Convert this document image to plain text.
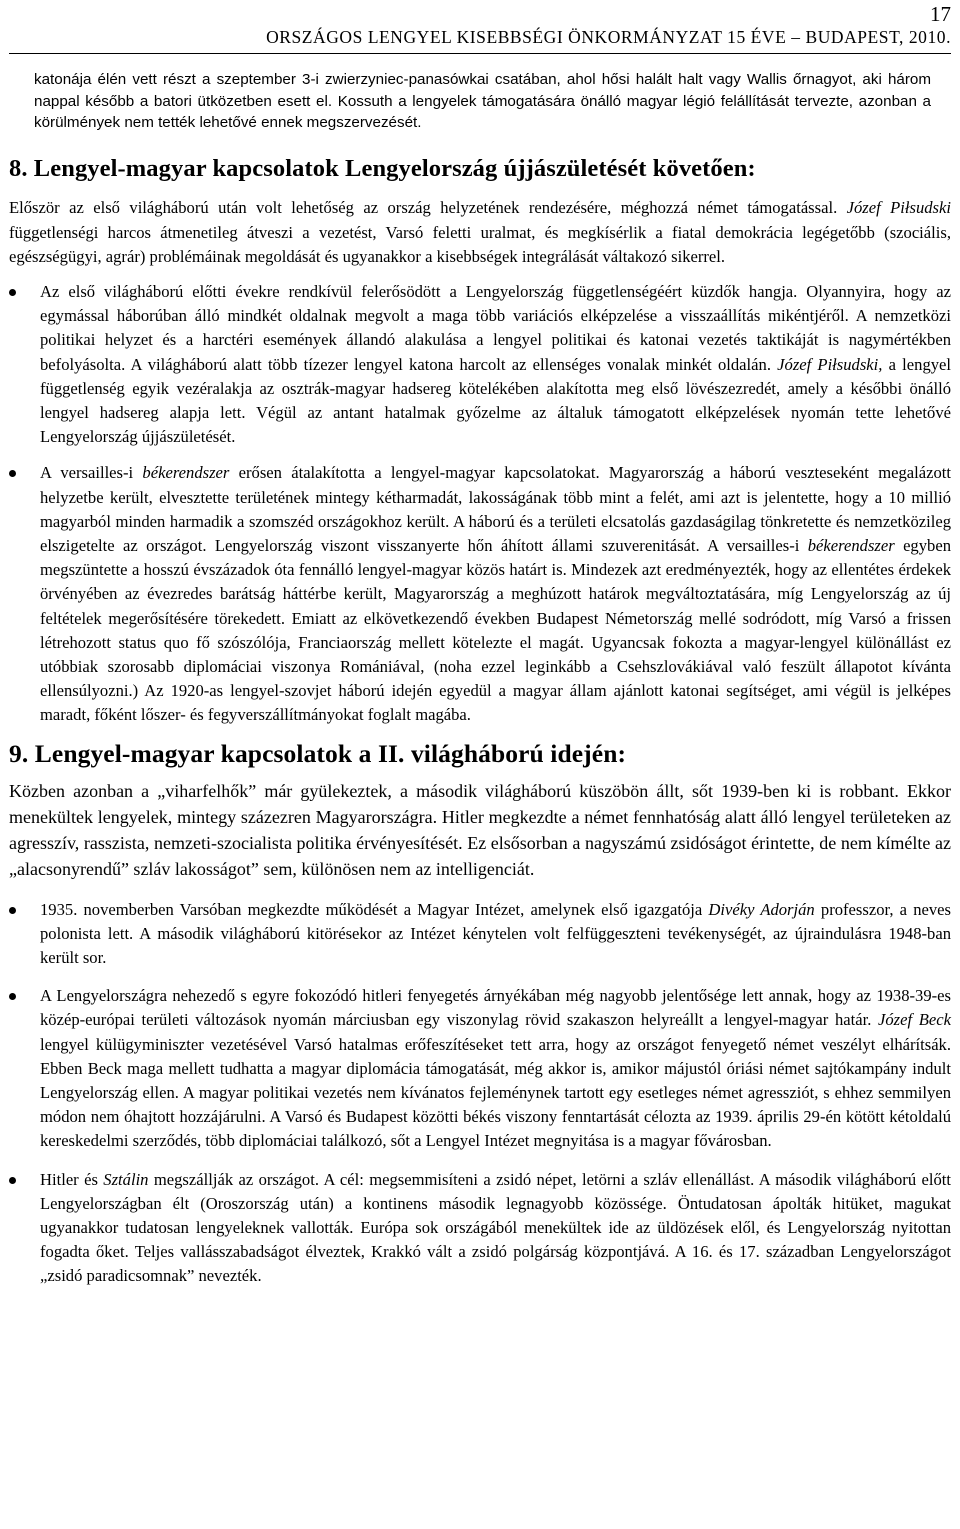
17
ORSZÁGOS LENGYEL KISEBBSÉGI ÖNKORMÁNYZAT 15 ÉVE – BUDAPEST, 2010.

katonája élén vett részt a szeptember 3-i zwierzyniec-panasówkai csatában, ahol hősi halált halt vagy Wallis őrnagyot, aki három nappal később a batori ütközetben esett el. Kossuth a lengyelek támogatására önálló magyar légió felállítását tervezte, azonban a körülmények nem tették lehetővé ennek megszervezését.

8. Lengyel-magyar kapcsolatok Lengyelország újjászületését követően:

Először az első világháború után volt lehetőség az ország helyzetének rendezésére, méghozzá német támogatással. Józef Piłsudski függetlenségi harcos átmenetileg átveszi a vezetést, Varsó feletti uralmat, és megkísérlik a fiatal demokrácia legégetőbb (szociális, egészségügyi, agrár) problémáinak megoldását és ugyanakkor a kisebbségek integrálását váltakozó sikerrel.

Az első világháború előtti évekre rendkívül felerősödött a Lengyelország függetlenségéért küzdők hangja. Olyannyira, hogy az egymással háborúban álló mindkét oldalnak megvolt a maga több variációs elképzelése a visszaállítás mikéntjéről. A nemzetközi politikai helyzet és a harctéri események állandó alakulása a lengyel politikai és katonai vezetés taktikáját is nagymértékben befolyásolta. A világháború alatt több tízezer lengyel katona harcolt az ellenséges vonalak minkét oldalán. Józef Piłsudski, a lengyel függetlenség egyik vezéralakja az osztrák-magyar hadsereg kötelékében alakította meg első lövészezredét, amely a későbbi önálló lengyel hadsereg alapja lett. Végül az antant hatalmak győzelme az általuk támogatott elképzelések nyomán tette lehetővé Lengyelország újjászületését.
A versailles-i békerendszer erősen átalakította a lengyel-magyar kapcsolatokat. Magyarország a háború veszteseként megalázott helyzetbe került, elvesztette területének mintegy kétharmadát, lakosságának több mint a felét, ami azt is jelentette, hogy a 10 millió magyarból minden harmadik a szomszéd országokhoz került. A háború és a területi elcsatolás gazdaságilag tönkretette és nemzetközileg elszigetelte az országot. Lengyelország viszont visszanyerte hőn áhított állami szuverenitását. A versailles-i békerendszer egyben megszüntette a hosszú évszázadok óta fennálló lengyel-magyar közös határt is. Mindezek azt eredményezték, hogy az ellentétes érdekek örvényében az évezredes barátság háttérbe került, Magyarország a meghúzott határok megváltoztatására, míg Lengyelország az új feltételek megerősítésére törekedett. Emiatt az elkövetkezendő években Budapest Németország mellé sodródott, míg Varsó a frissen létrehozott status quo fő szószólója, Franciaország mellett kötelezte el magát. Ugyancsak fokozta a magyar-lengyel különállást ez utóbbiak szorosabb diplomáciai viszonya Romániával, (noha ezzel leginkább a Csehszlovákiával való feszült állapotot kívánta ellensúlyozni.) Az 1920-as lengyel-szovjet háború idején egyedül a magyar állam ajánlott katonai segítséget, ami végül is jelképes maradt, főként lőszer- és fegyverszállítmányokat foglalt magába.
9. Lengyel-magyar kapcsolatok a II. világháború idején:

Közben azonban a „viharfelhők” már gyülekeztek, a második világháború küszöbön állt, sőt 1939-ben ki is robbant. Ekkor menekültek lengyelek, mintegy százezren Magyarországra. Hitler megkezdte a német fennhatóság alatt álló lengyel területeken az agresszív, rasszista, nemzeti-szocialista politika érvényesítését. Ez elsősorban a nagyszámú zsidóságot érintette, de nem kímélte az „alacsonyrendű” szláv lakosságot” sem, különösen nem az intelligenciát.

1935. novemberben Varsóban megkezdte működését a Magyar Intézet, amelynek első igazgatója Divéky Adorján professzor, a neves polonista lett. A második világháború kitörésekor az Intézet kénytelen volt felfüggeszteni tevékenységét, az újraindulásra 1948-ban került sor.
A Lengyelországra nehezedő s egyre fokozódó hitleri fenyegetés árnyékában még nagyobb jelentősége lett annak, hogy az 1938-39-es közép-európai területi változások nyomán márciusban egy viszonylag rövid szakaszon helyreállt a lengyel-magyar határ. Józef Beck lengyel külügyminiszter vezetésével Varsó hatalmas erőfeszítéseket tett arra, hogy az országot fenyegető német veszélyt elhárítsák. Ebben Beck maga mellett tudhatta a magyar diplomácia támogatását, még akkor is, amikor májustól óriási német sajtókampány indult Lengyelország ellen. A magyar politikai vezetés nem kívánatos fejleménynek tartott egy esetleges német agressziót, s ehhez semmilyen módon nem óhajtott hozzájárulni. A Varsó és Budapest közötti békés viszony fenntartását célozta az 1939. április 29-én kötött kétoldalú kereskedelmi szerződés, több diplomáciai találkozó, sőt a Lengyel Intézet megnyitása is a magyar fővárosban.
Hitler és Sztálin megszállják az országot. A cél: megsemmisíteni a zsidó népet, letörni a szláv ellenállást. A második világháború előtt Lengyelországban élt (Oroszország után) a kontinens második legnagyobb közössége. Öntudatosan ápolták hitüket, magukat ugyanakkor tudatosan lengyeleknek vallották. Európa sok országából menekültek ide az üldözések elől, és Lengyelország nyitottan fogadta őket. Teljes vallásszabadságot élveztek, Krakkó vált a zsidó polgárság központjává. A 16. és 17. században Lengyelországot „zsidó paradicsomnak” nevezték.
